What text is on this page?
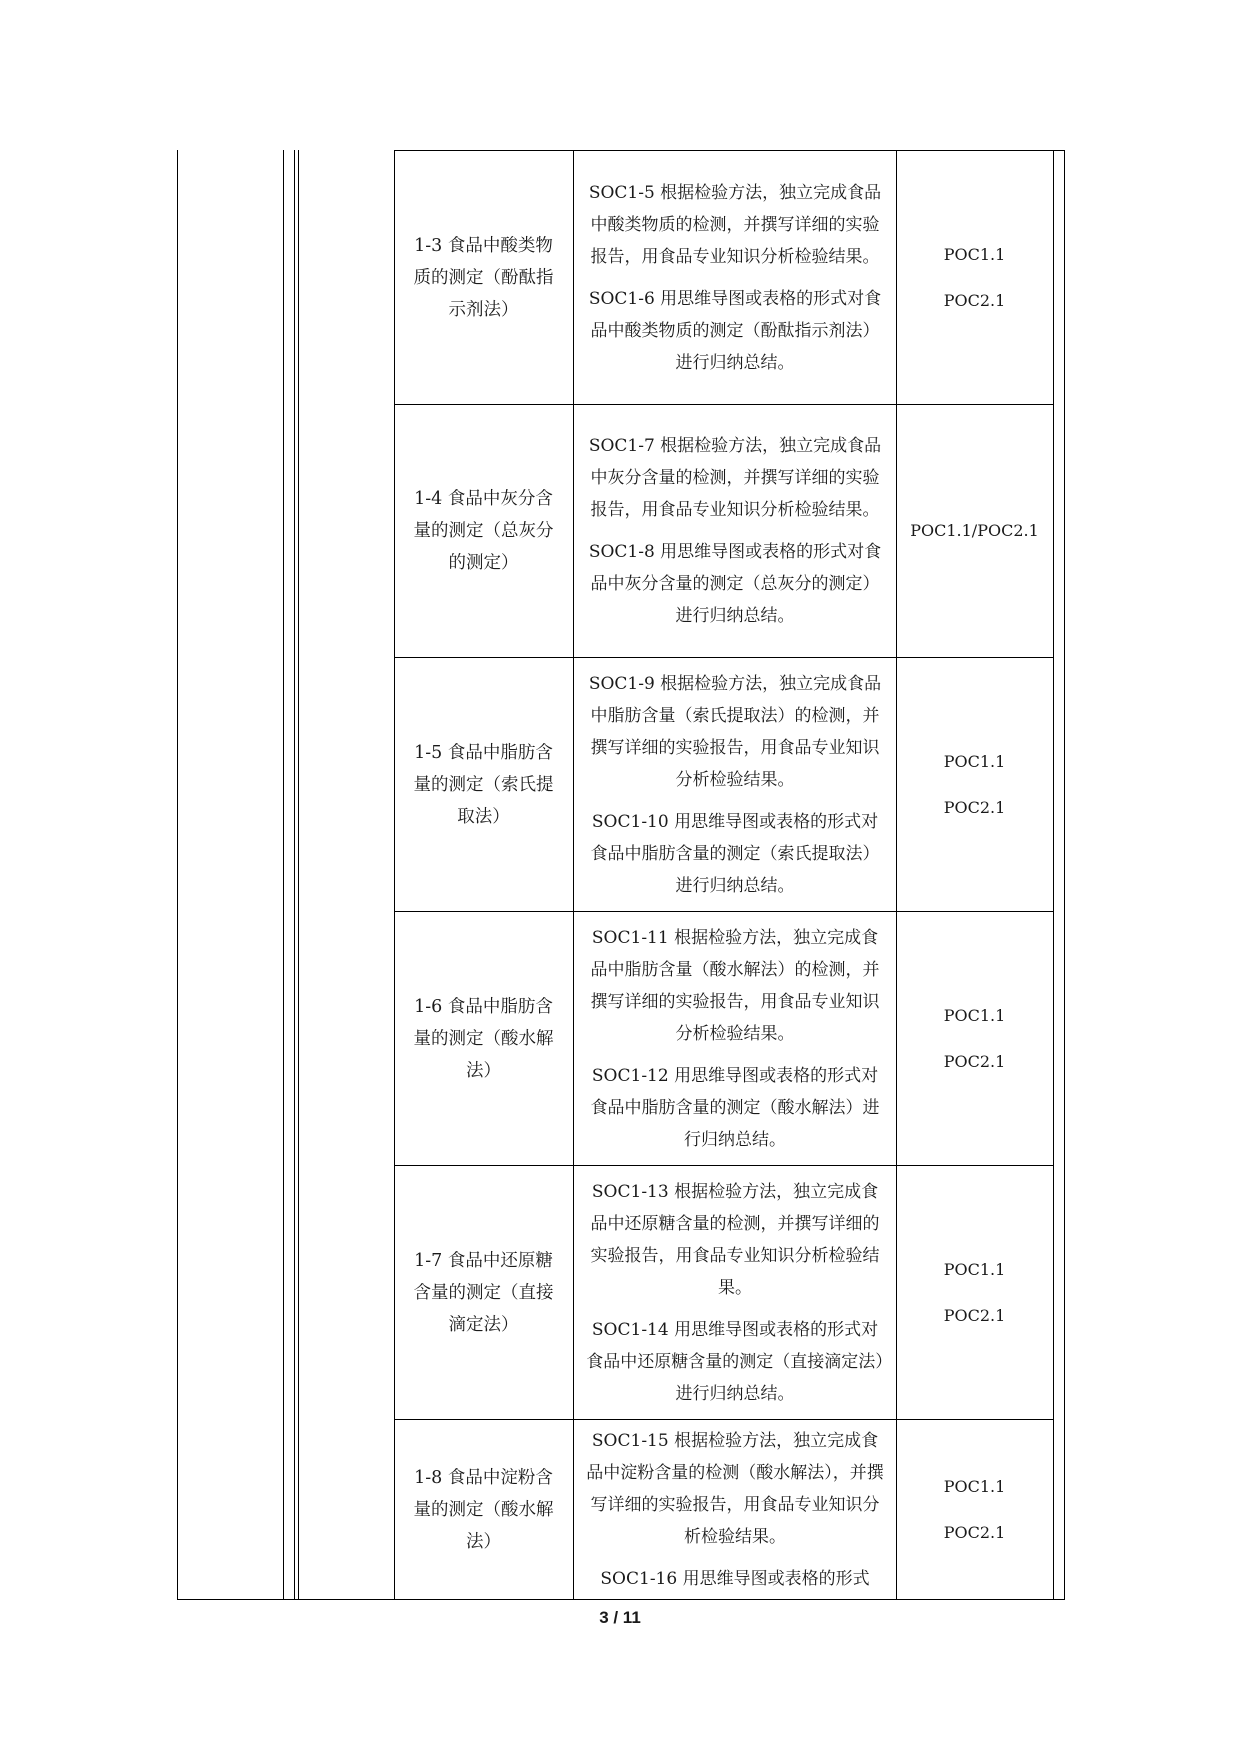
1-3 食品中酸类物质的测定（酚酞指示剂法）

SOC1-5 根据检验方法，独立完成食品中酸类物质的检测，并撰写详细的实验报告，用食品专业知识分析检验结果。

SOC1-6 用思维导图或表格的形式对食品中酸类物质的测定（酚酞指示剂法）进行归纳总结。

POC1.1
POC2.1
1-4 食品中灰分含量的测定（总灰分的测定）

SOC1-7 根据检验方法，独立完成食品中灰分含量的检测，并撰写详细的实验报告，用食品专业知识分析检验结果。

SOC1-8 用思维导图或表格的形式对食品中灰分含量的测定（总灰分的测定）进行归纳总结。

POC1.1/POC2.1
1-5 食品中脂肪含量的测定（索氏提取法）

SOC1-9 根据检验方法，独立完成食品中脂肪含量（索氏提取法）的检测，并撰写详细的实验报告，用食品专业知识分析检验结果。

SOC1-10 用思维导图或表格的形式对食品中脂肪含量的测定（索氏提取法）进行归纳总结。

POC1.1
POC2.1
1-6 食品中脂肪含量的测定（酸水解法）

SOC1-11 根据检验方法，独立完成食品中脂肪含量（酸水解法）的检测，并撰写详细的实验报告，用食品专业知识分析检验结果。

SOC1-12 用思维导图或表格的形式对食品中脂肪含量的测定（酸水解法）进行归纳总结。

POC1.1
POC2.1
1-7 食品中还原糖含量的测定（直接滴定法）

SOC1-13 根据检验方法，独立完成食品中还原糖含量的检测，并撰写详细的实验报告，用食品专业知识分析检验结果。

SOC1-14 用思维导图或表格的形式对食品中还原糖含量的测定（直接滴定法）进行归纳总结。

POC1.1
POC2.1
1-8 食品中淀粉含量的测定（酸水解法）

SOC1-15 根据检验方法，独立完成食品中淀粉含量的检测（酸水解法），并撰写详细的实验报告，用食品专业知识分析检验结果。

SOC1-16 用思维导图或表格的形式

POC1.1
POC2.1
3 / 11
